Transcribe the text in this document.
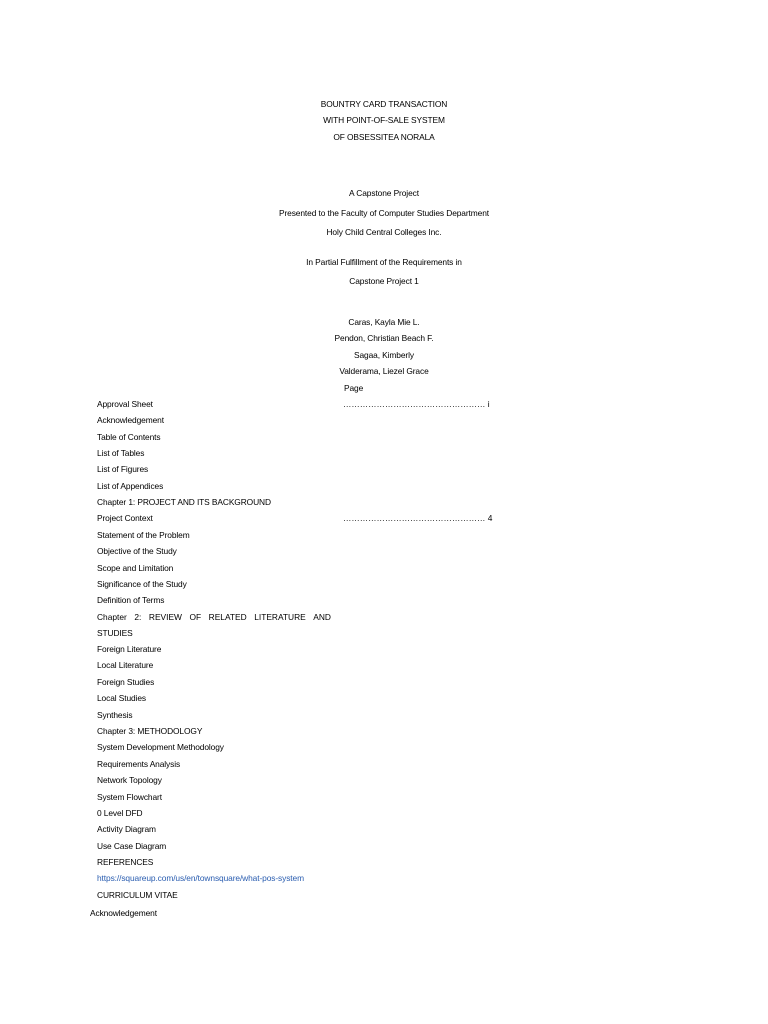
BOUNTRY CARD TRANSACTION
WITH POINT-OF-SALE SYSTEM
OF OBSESSITEA NORALA
A Capstone Project
Presented to the Faculty of Computer Studies Department
Holy Child Central Colleges Inc.
In Partial Fulfillment of the Requirements in
Capstone Project 1
Caras, Kayla Mie L.
Pendon, Christian Beach F.
Sagaa, Kimberly
Valderama, Liezel Grace
Page
Approval Sheet	…………………………………………… i
Acknowledgement
Table of Contents
List of Tables
List of Figures
List of Appendices
Chapter 1: PROJECT AND ITS BACKGROUND
Project Context	…………………………………………… 4
Statement of the Problem
Objective of the Study
Scope and Limitation
Significance of the Study
Definition of Terms
Chapter 2: REVIEW OF RELATED LITERATURE AND
STUDIES
Foreign Literature
Local Literature
Foreign Studies
Local Studies
Synthesis
Chapter 3: METHODOLOGY
System Development Methodology
Requirements Analysis
Network Topology
System Flowchart
0 Level DFD
Activity Diagram
Use Case Diagram
REFERENCES
https://squareup.com/us/en/townsquare/what-pos-system
CURRICULUM VITAE
Acknowledgement
